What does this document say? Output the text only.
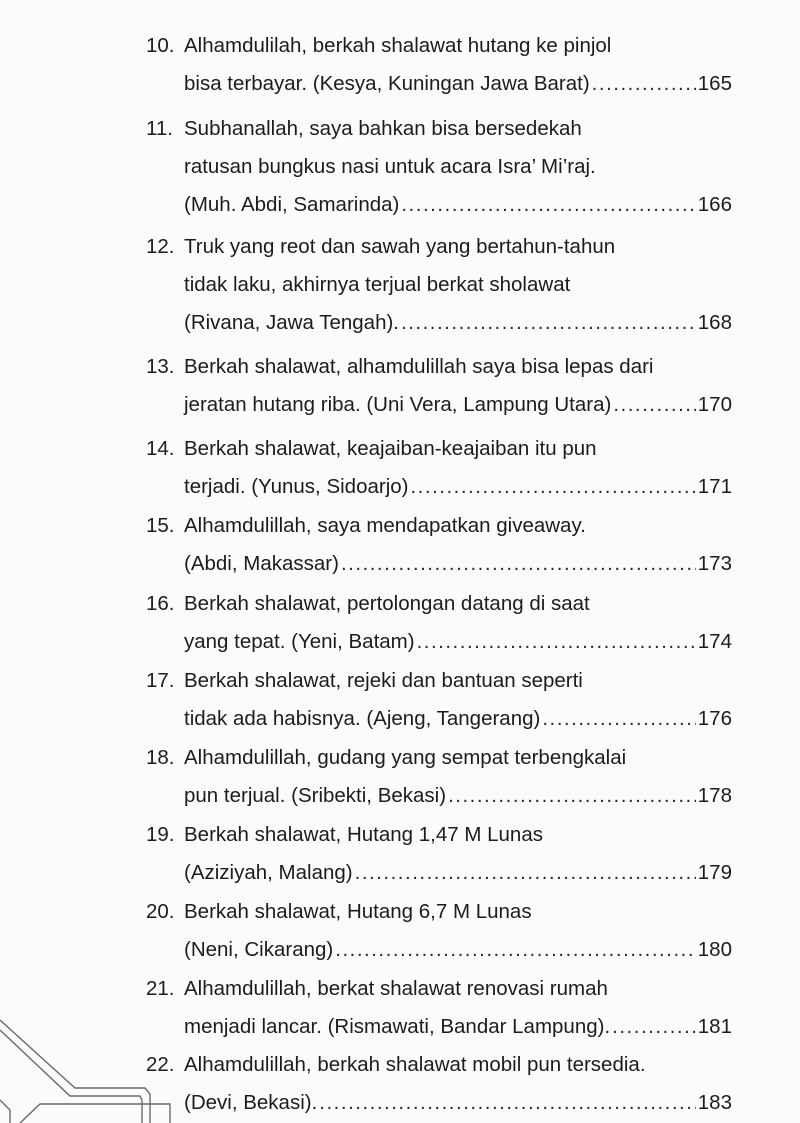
10. Alhamdulilah, berkah shalawat hutang ke pinjol
bisa terbayar. (Kesya, Kuningan Jawa Barat) .....	165
11. Subhanallah, saya bahkan bisa bersedekah
ratusan bungkus nasi untuk acara Isra’ Mi’raj.
(Muh. Abdi, Samarinda) .....	166
12. Truk yang reot dan sawah yang bertahun-tahun
tidak laku, akhirnya terjual berkat sholawat
(Rivana, Jawa Tengah). .....	168
13. Berkah shalawat, alhamdulillah saya bisa lepas dari
jeratan hutang riba. (Uni Vera, Lampung Utara) .....	170
14. Berkah shalawat, keajaiban-keajaiban itu pun
terjadi. (Yunus, Sidoarjo) .....	171
15. Alhamdulillah, saya mendapatkan giveaway.
(Abdi, Makassar) .....	173
16. Berkah shalawat, pertolongan datang di saat
yang tepat. (Yeni, Batam) .....	174
17. Berkah shalawat, rejeki dan bantuan seperti
tidak ada habisnya. (Ajeng, Tangerang) .....	176
18. Alhamdulillah, gudang yang sempat terbengkalai
pun terjual. (Sribekti, Bekasi) .....	178
19. Berkah shalawat, Hutang 1,47 M Lunas
(Aziziyah, Malang) .....	179
20. Berkah shalawat, Hutang 6,7 M Lunas
(Neni, Cikarang) .....	180
21. Alhamdulillah, berkat shalawat renovasi rumah
menjadi lancar. (Rismawati, Bandar Lampung). .....	181
22. Alhamdulillah, berkah shalawat mobil pun tersedia.
(Devi, Bekasi). .....	183
